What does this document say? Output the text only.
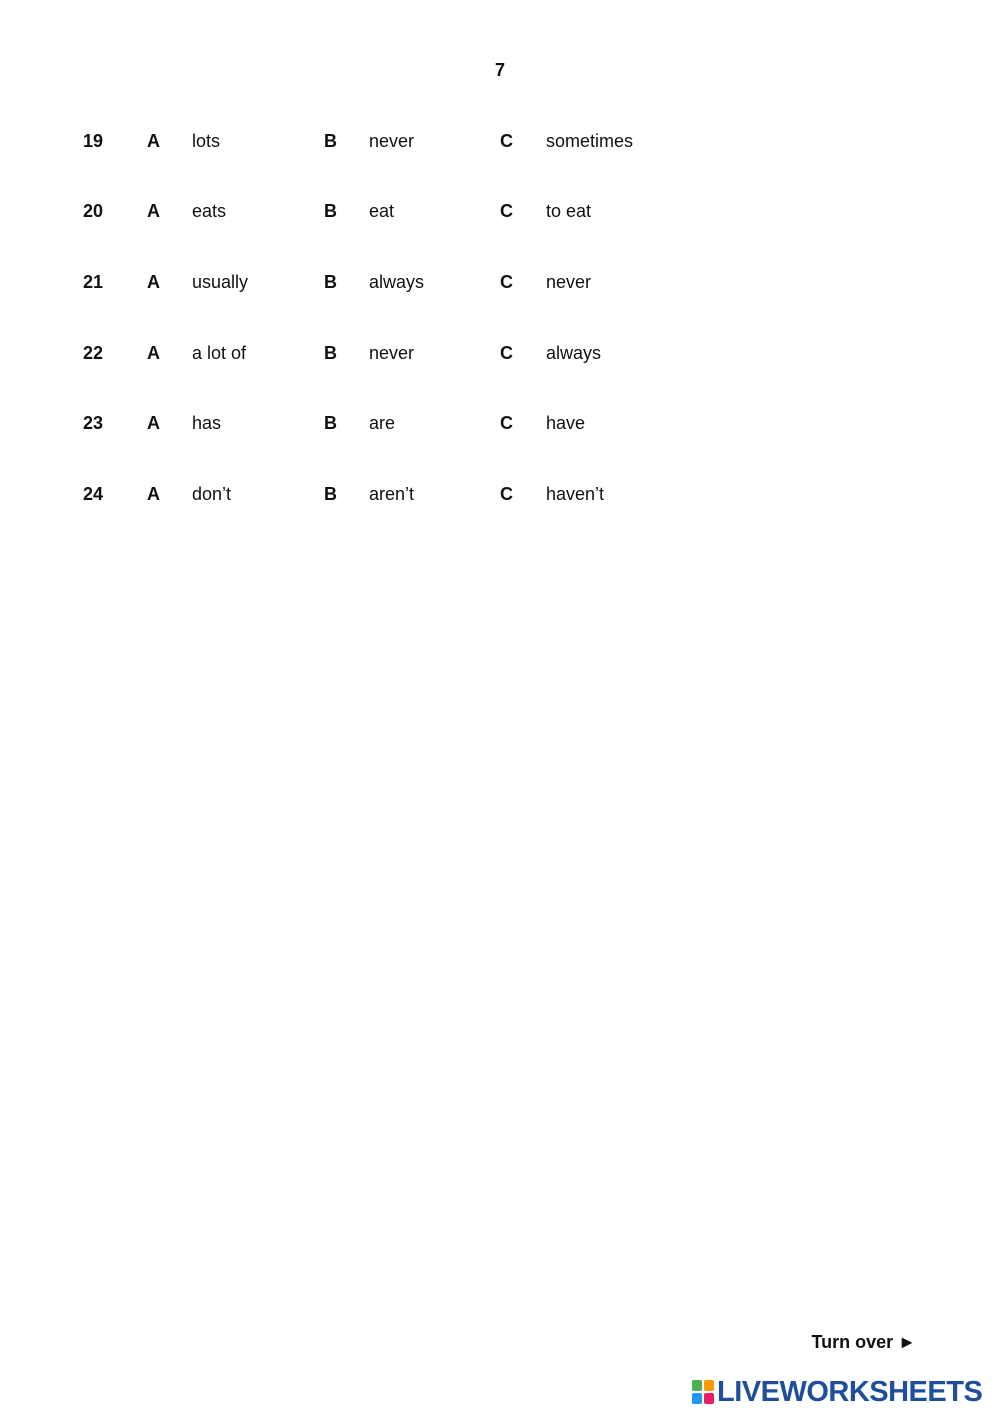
7
19 A lots	B never	C sometimes
20 A eats	B eat	C to eat
21 A usually	B always	C never
22 A a lot of	B never	C always
23 A has	B are	C have
24 A don’t	B aren’t	C haven’t
Turn over ►
LIVEWORKSHEETS
